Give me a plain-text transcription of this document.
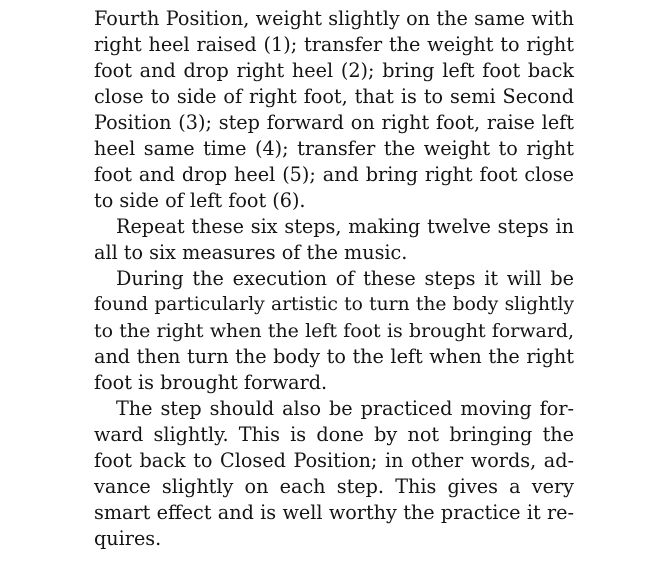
Fourth Position, weight slightly on the same with
right heel raised (1); transfer the weight to right
foot and drop right heel (2); bring left foot back
close to side of right foot, that is to semi Second
Position (3); step forward on right foot, raise left
heel same time (4); transfer the weight to right
foot and drop heel (5); and bring right foot close
to side of left foot (6).
Repeat these six steps, making twelve steps in
all to six measures of the music.
During the execution of these steps it will be
found particularly artistic to turn the body slightly
to the right when the left foot is brought forward,
and then turn the body to the left when the right
foot is brought forward.
The step should also be practiced moving for-
ward slightly. This is done by not bringing the
foot back to Closed Position; in other words, ad-
vance slightly on each step. This gives a very
smart effect and is well worthy the practice it re-
quires.
